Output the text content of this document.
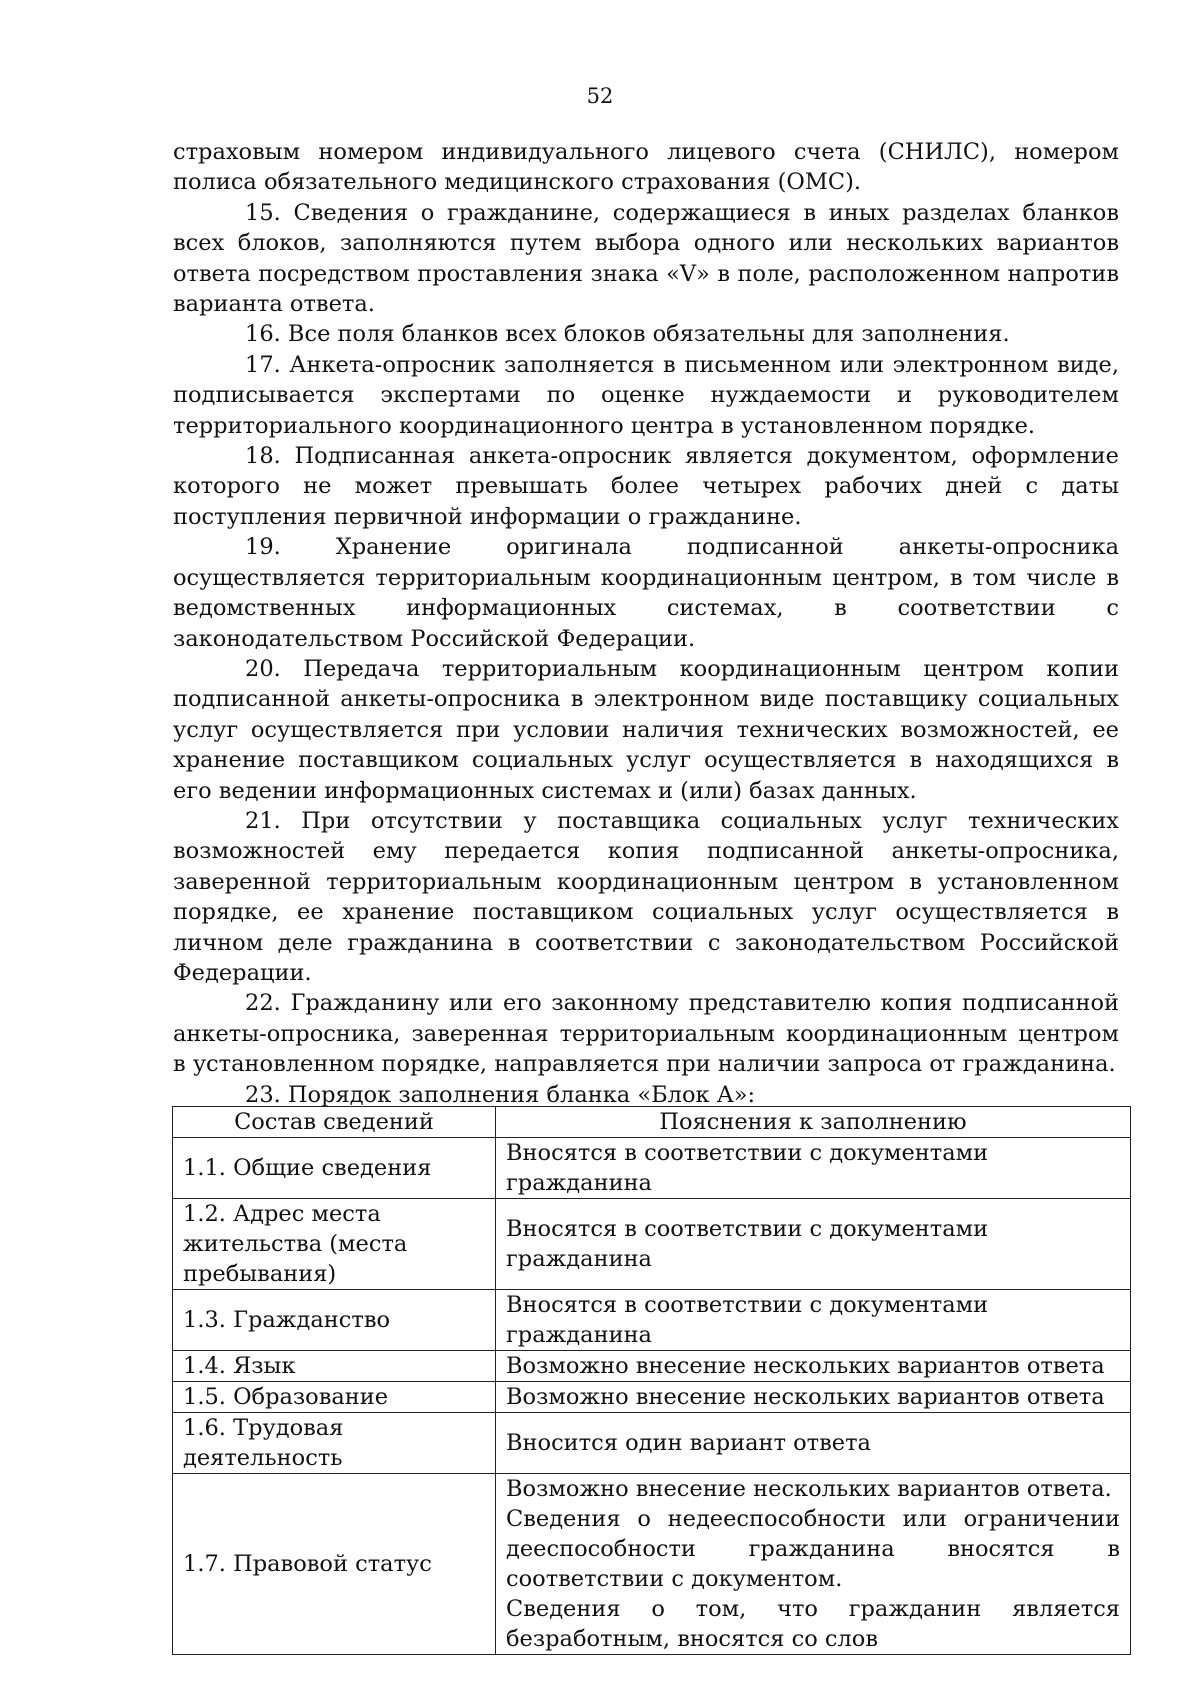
52

страховым номером индивидуального лицевого счета (СНИЛС), номером полиса обязательного медицинского страхования (ОМС).

15. Сведения о гражданине, содержащиеся в иных разделах бланков всех блоков, заполняются путем выбора одного или нескольких вариантов ответа посредством проставления знака «V» в поле, расположенном напротив варианта ответа.

16. Все поля бланков всех блоков обязательны для заполнения.

17. Анкета-опросник заполняется в письменном или электронном виде, подписывается экспертами по оценке нуждаемости и руководителем территориального координационного центра в установленном порядке.

18. Подписанная анкета-опросник является документом, оформление которого не может превышать более четырех рабочих дней с даты поступления первичной информации о гражданине.

19. Хранение оригинала подписанной анкеты-опросника осуществляется территориальным координационным центром, в том числе в ведомственных информационных системах, в соответствии с законодательством Российской Федерации.

20. Передача территориальным координационным центром копии подписанной анкеты-опросника в электронном виде поставщику социальных услуг осуществляется при условии наличия технических возможностей, ее хранение поставщиком социальных услуг осуществляется в находящихся в его ведении информационных системах и (или) базах данных.

21. При отсутствии у поставщика социальных услуг технических возможностей ему передается копия подписанной анкеты-опросника, заверенной территориальным координационным центром в установленном порядке, ее хранение поставщиком социальных услуг осуществляется в личном деле гражданина в соответствии с законодательством Российской Федерации.

22. Гражданину или его законному представителю копия подписанной анкеты-опросника, заверенная территориальным координационным центром в установленном порядке, направляется при наличии запроса от гражданина.

23. Порядок заполнения бланка «Блок А»:

Состав сведений	Пояснения к заполнению
1.1. Общие сведения	Вносятся в соответствии с документами гражданина
1.2. Адрес места жительства (места пребывания)	Вносятся в соответствии с документами гражданина
1.3. Гражданство	Вносятся в соответствии с документами гражданина
1.4. Язык	Возможно внесение нескольких вариантов ответа
1.5. Образование	Возможно внесение нескольких вариантов ответа
1.6. Трудовая деятельность	Вносится один вариант ответа
1.7. Правовой статус	Возможно внесение нескольких вариантов ответа.
Сведения о недееспособности или ограничении дееспособности гражданина вносятся в соответствии с документом.
Сведения о том, что гражданин является безработным, вносятся со слов
